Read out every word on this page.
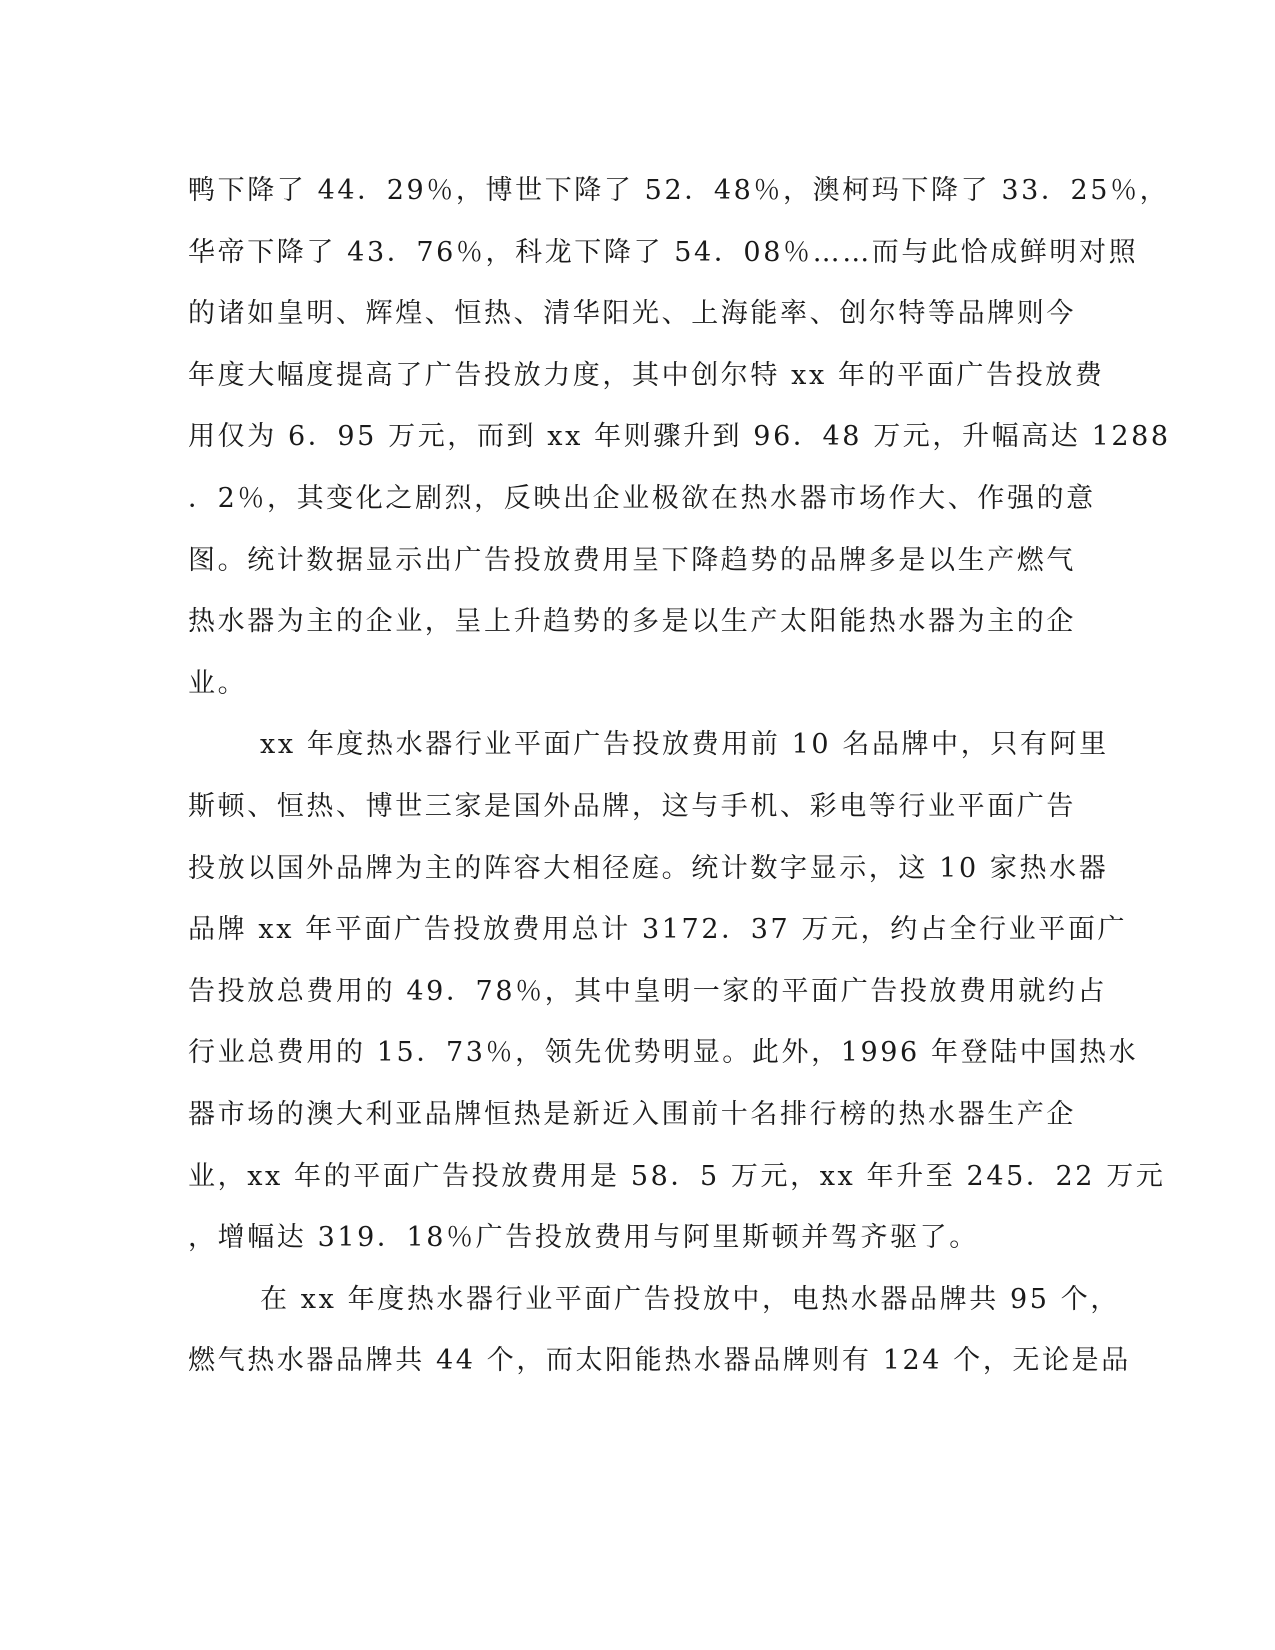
鸭下降了 44．29％，博世下降了 52．48％，澳柯玛下降了 33．25％，
华帝下降了 43．76％，科龙下降了 54．08％……而与此恰成鲜明对照
的诸如皇明、辉煌、恒热、清华阳光、上海能率、创尔特等品牌则今
年度大幅度提高了广告投放力度，其中创尔特 xx 年的平面广告投放费
用仅为 6．95 万元，而到 xx 年则骤升到 96．48 万元，升幅高达 1288
．2％，其变化之剧烈，反映出企业极欲在热水器市场作大、作强的意
图。统计数据显示出广告投放费用呈下降趋势的品牌多是以生产燃气
热水器为主的企业，呈上升趋势的多是以生产太阳能热水器为主的企
业。
xx 年度热水器行业平面广告投放费用前 10 名品牌中，只有阿里
斯顿、恒热、博世三家是国外品牌，这与手机、彩电等行业平面广告
投放以国外品牌为主的阵容大相径庭。统计数字显示，这 10 家热水器
品牌 xx 年平面广告投放费用总计 3172．37 万元，约占全行业平面广
告投放总费用的 49．78％，其中皇明一家的平面广告投放费用就约占
行业总费用的 15．73％，领先优势明显。此外，1996 年登陆中国热水
器市场的澳大利亚品牌恒热是新近入围前十名排行榜的热水器生产企
业，xx 年的平面广告投放费用是 58．5 万元，xx 年升至 245．22 万元
，增幅达 319．18％广告投放费用与阿里斯顿并驾齐驱了。
在 xx 年度热水器行业平面广告投放中，电热水器品牌共 95 个，
燃气热水器品牌共 44 个，而太阳能热水器品牌则有 124 个，无论是品
